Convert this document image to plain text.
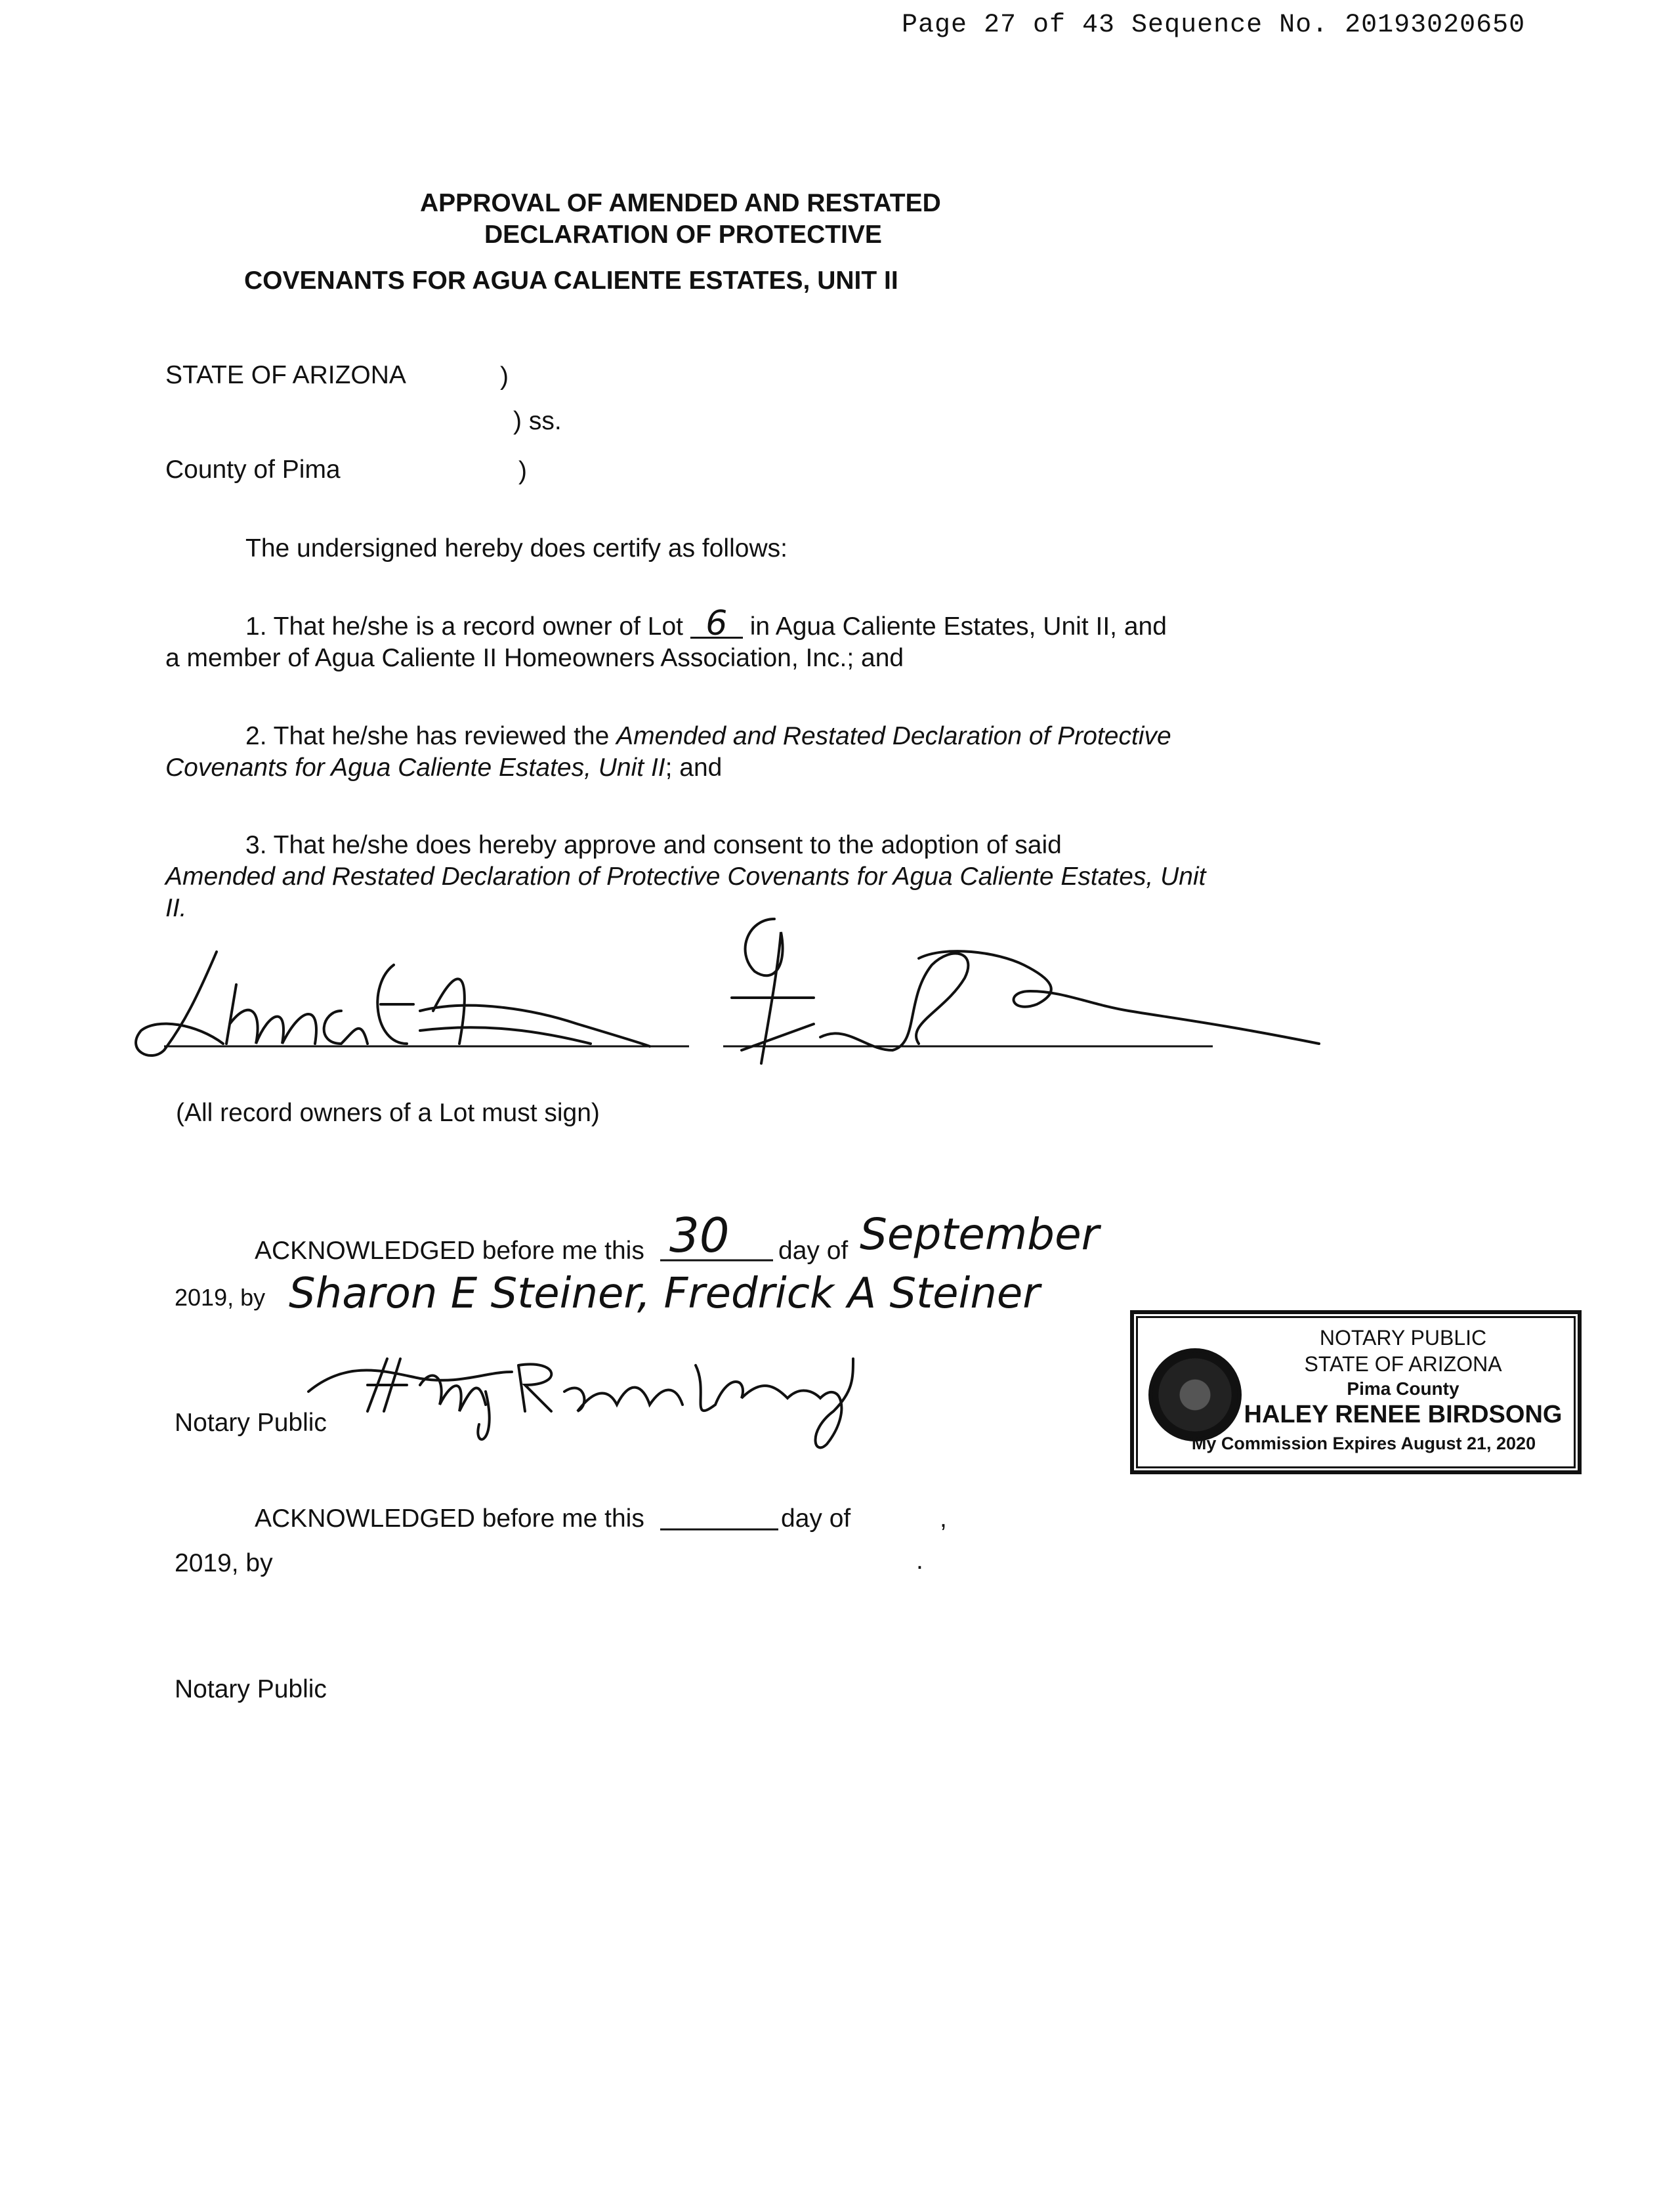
Page 27 of 43 Sequence No. 20193020650
APPROVAL OF AMENDED AND RESTATED
DECLARATION OF PROTECTIVE
COVENANTS FOR AGUA CALIENTE ESTATES, UNIT II
STATE OF ARIZONA	)
) ss.
County of Pima	)
The undersigned hereby does certify as follows:

1. That he/she is a record owner of Lot 6 in Agua Caliente Estates, Unit II, and

a member of Agua Caliente II Homeowners Association, Inc.; and

2. That he/she has reviewed the Amended and Restated Declaration of Protective

Covenants for Agua Caliente Estates, Unit II; and

3. That he/she does hereby approve and consent to the adoption of said

Amended and Restated Declaration of Protective Covenants for Agua Caliente Estates, Unit II.

(All record owners of a Lot must sign)
ACKNOWLEDGED before me this 30 day of September
2019, by Sharon E Steiner, Fredrick A Steiner
Notary Public
NOTARY PUBLIC
STATE OF ARIZONA
Pima County
HALEY RENEE BIRDSONG
My Commission Expires August 21, 2020
ACKNOWLEDGED before me this	day of	,
2019, by	.
Notary Public
